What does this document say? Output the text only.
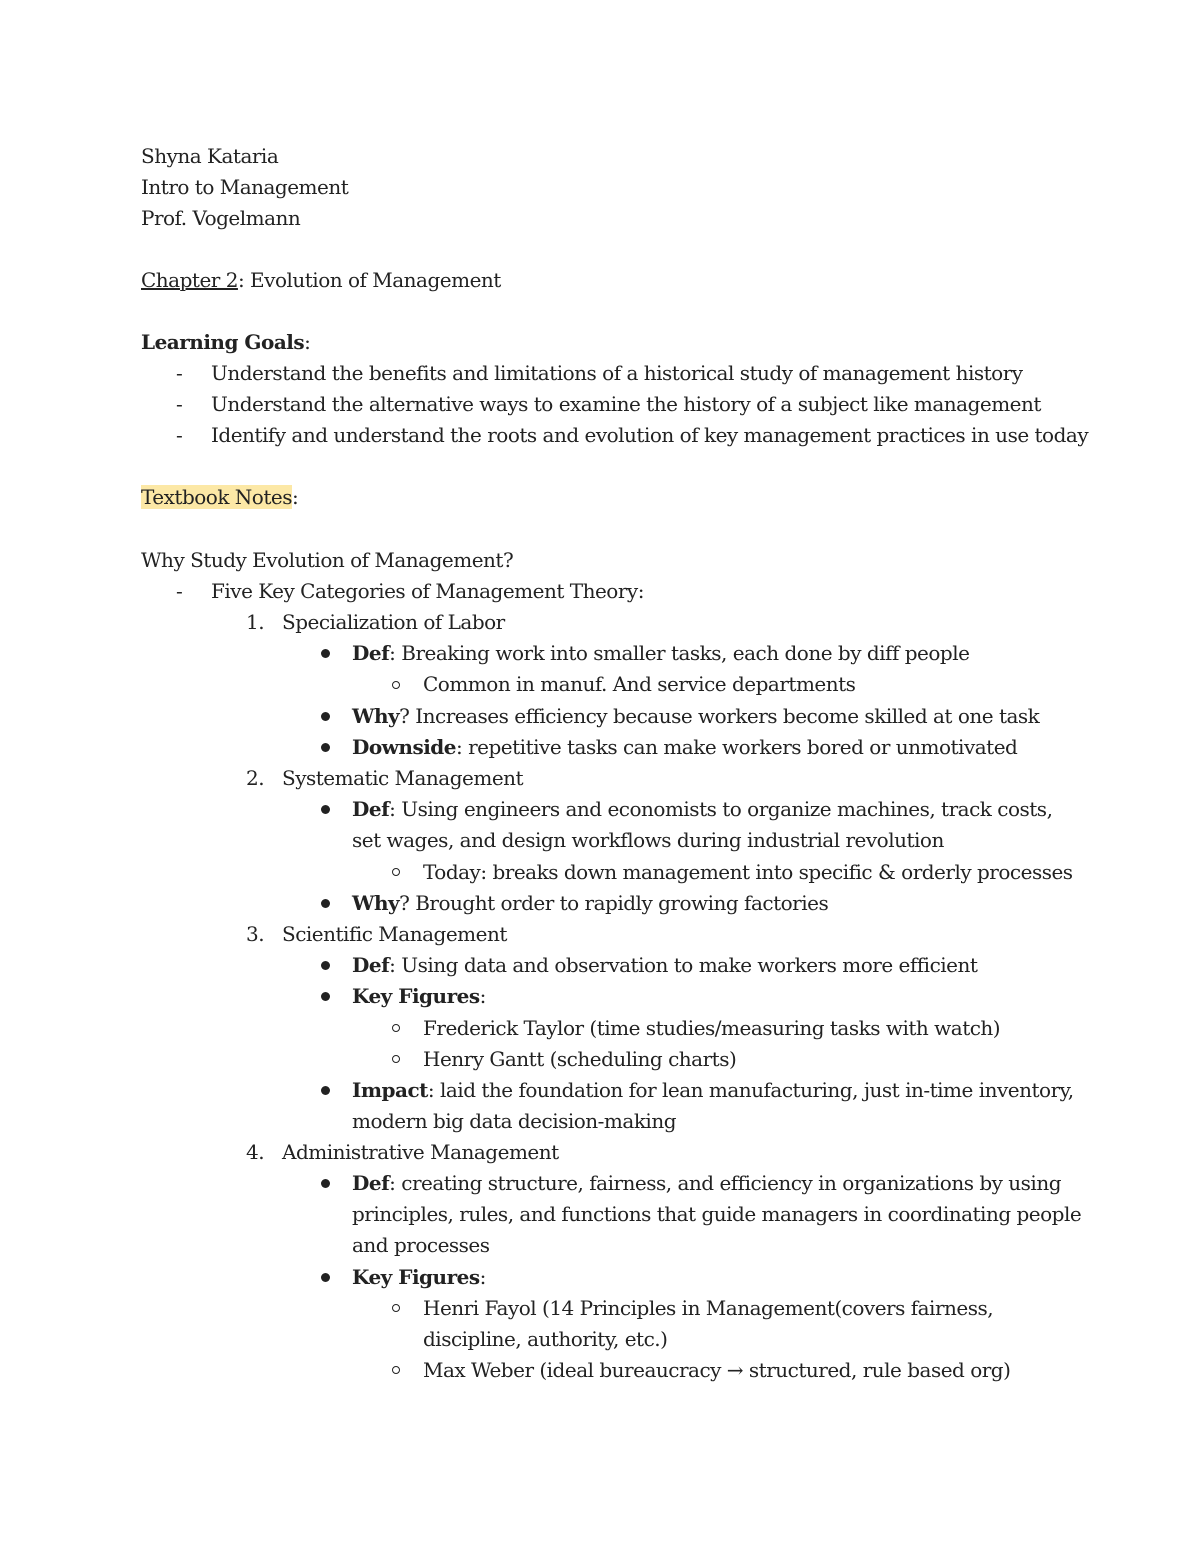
Shyna Kataria
Intro to Management
Prof. Vogelmann
Chapter 2: Evolution of Management
Learning Goals:
- Understand the benefits and limitations of a historical study of management history
- Understand the alternative ways to examine the history of a subject like management
- Identify and understand the roots and evolution of key management practices in use today
Textbook Notes:
Why Study Evolution of Management?
- Five Key Categories of Management Theory:
1. Specialization of Labor
Def: Breaking work into smaller tasks, each done by diff people
Common in manuf. And service departments
Why? Increases efficiency because workers become skilled at one task
Downside: repetitive tasks can make workers bored or unmotivated
2. Systematic Management
Def: Using engineers and economists to organize machines, track costs,
set wages, and design workflows during industrial revolution
Today: breaks down management into specific & orderly processes
Why? Brought order to rapidly growing factories
3. Scientific Management
Def: Using data and observation to make workers more efficient
Key Figures:
Frederick Taylor (time studies/measuring tasks with watch)
Henry Gantt (scheduling charts)
Impact: laid the foundation for lean manufacturing, just in-time inventory,
modern big data decision-making
4. Administrative Management
Def: creating structure, fairness, and efficiency in organizations by using
principles, rules, and functions that guide managers in coordinating people
and processes
Key Figures:
Henri Fayol (14 Principles in Management(covers fairness,
discipline, authority, etc.)
Max Weber (ideal bureaucracy → structured, rule based org)
